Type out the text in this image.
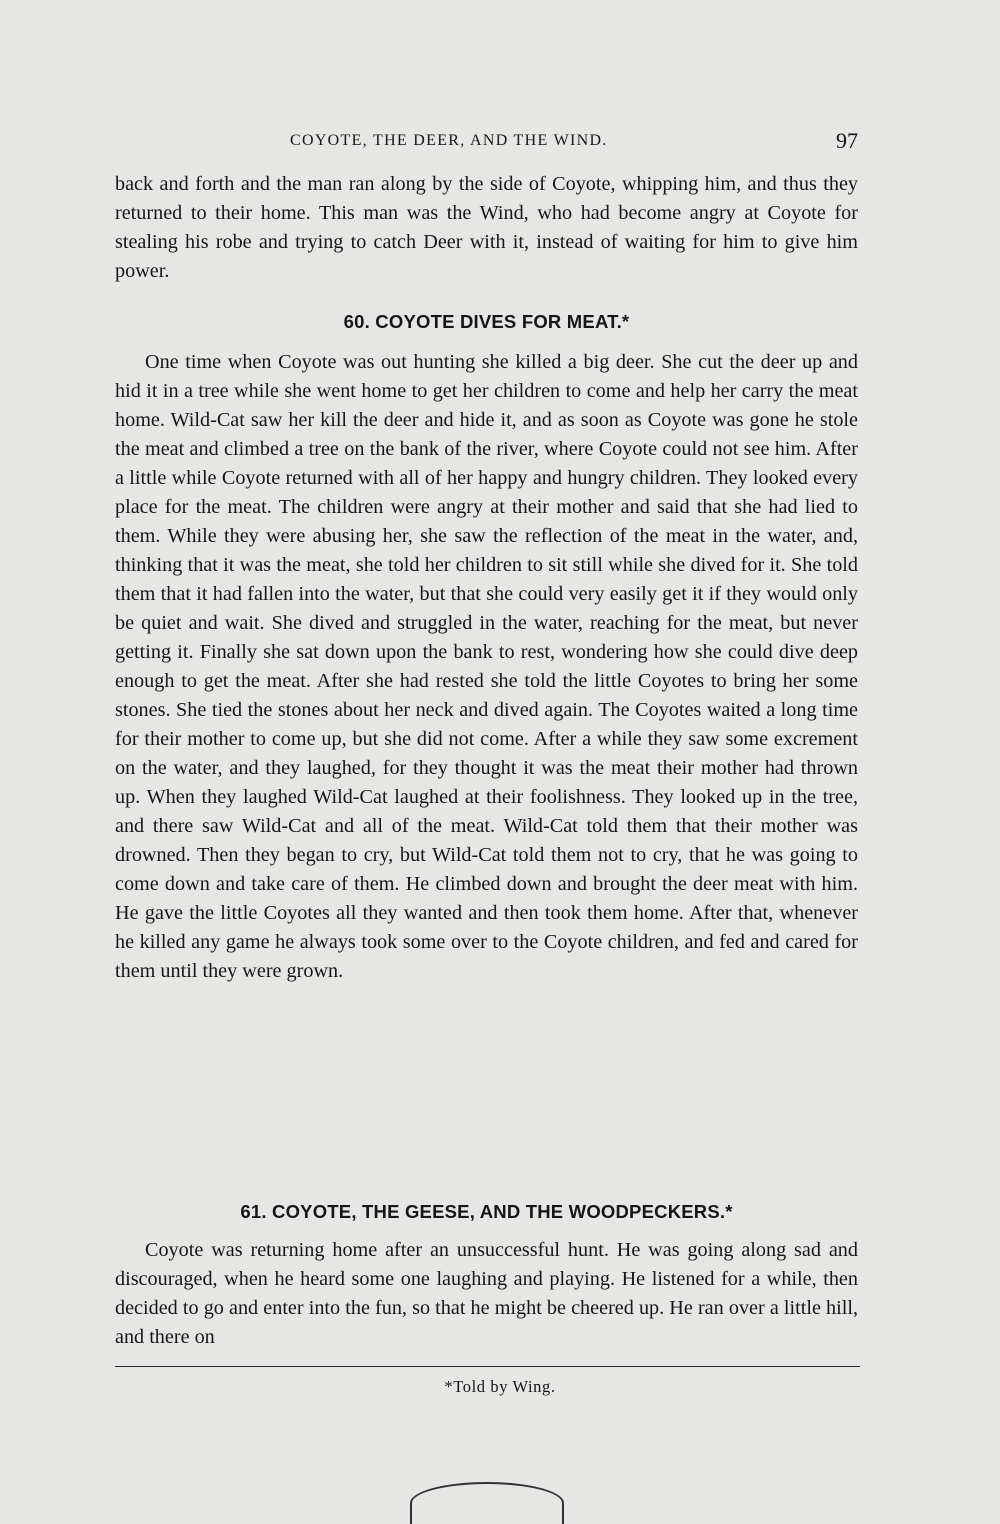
COYOTE, THE DEER, AND THE WIND.	97

back and forth and the man ran along by the side of Coyote, whipping him, and thus they returned to their home. This man was the Wind, who had become angry at Coyote for stealing his robe and trying to catch Deer with it, instead of waiting for him to give him power.

60. COYOTE DIVES FOR MEAT.*

One time when Coyote was out hunting she killed a big deer. She cut the deer up and hid it in a tree while she went home to get her children to come and help her carry the meat home. Wild-Cat saw her kill the deer and hide it, and as soon as Coyote was gone he stole the meat and climbed a tree on the bank of the river, where Coyote could not see him. After a little while Coyote returned with all of her happy and hungry children. They looked every place for the meat. The children were angry at their mother and said that she had lied to them. While they were abusing her, she saw the reflection of the meat in the water, and, thinking that it was the meat, she told her children to sit still while she dived for it. She told them that it had fallen into the water, but that she could very easily get it if they would only be quiet and wait. She dived and struggled in the water, reaching for the meat, but never getting it. Finally she sat down upon the bank to rest, wondering how she could dive deep enough to get the meat. After she had rested she told the little Coyotes to bring her some stones. She tied the stones about her neck and dived again. The Coyotes waited a long time for their mother to come up, but she did not come. After a while they saw some excrement on the water, and they laughed, for they thought it was the meat their mother had thrown up. When they laughed Wild-Cat laughed at their foolishness. They looked up in the tree, and there saw Wild-Cat and all of the meat. Wild-Cat told them that their mother was drowned. Then they began to cry, but Wild-Cat told them not to cry, that he was going to come down and take care of them. He climbed down and brought the deer meat with him. He gave the little Coyotes all they wanted and then took them home. After that, whenever he killed any game he always took some over to the Coyote children, and fed and cared for them until they were grown.

61. COYOTE, THE GEESE, AND THE WOODPECKERS.*

Coyote was returning home after an unsuccessful hunt. He was going along sad and discouraged, when he heard some one laughing and playing. He listened for a while, then decided to go and enter into the fun, so that he might be cheered up. He ran over a little hill, and there on

*Told by Wing.
